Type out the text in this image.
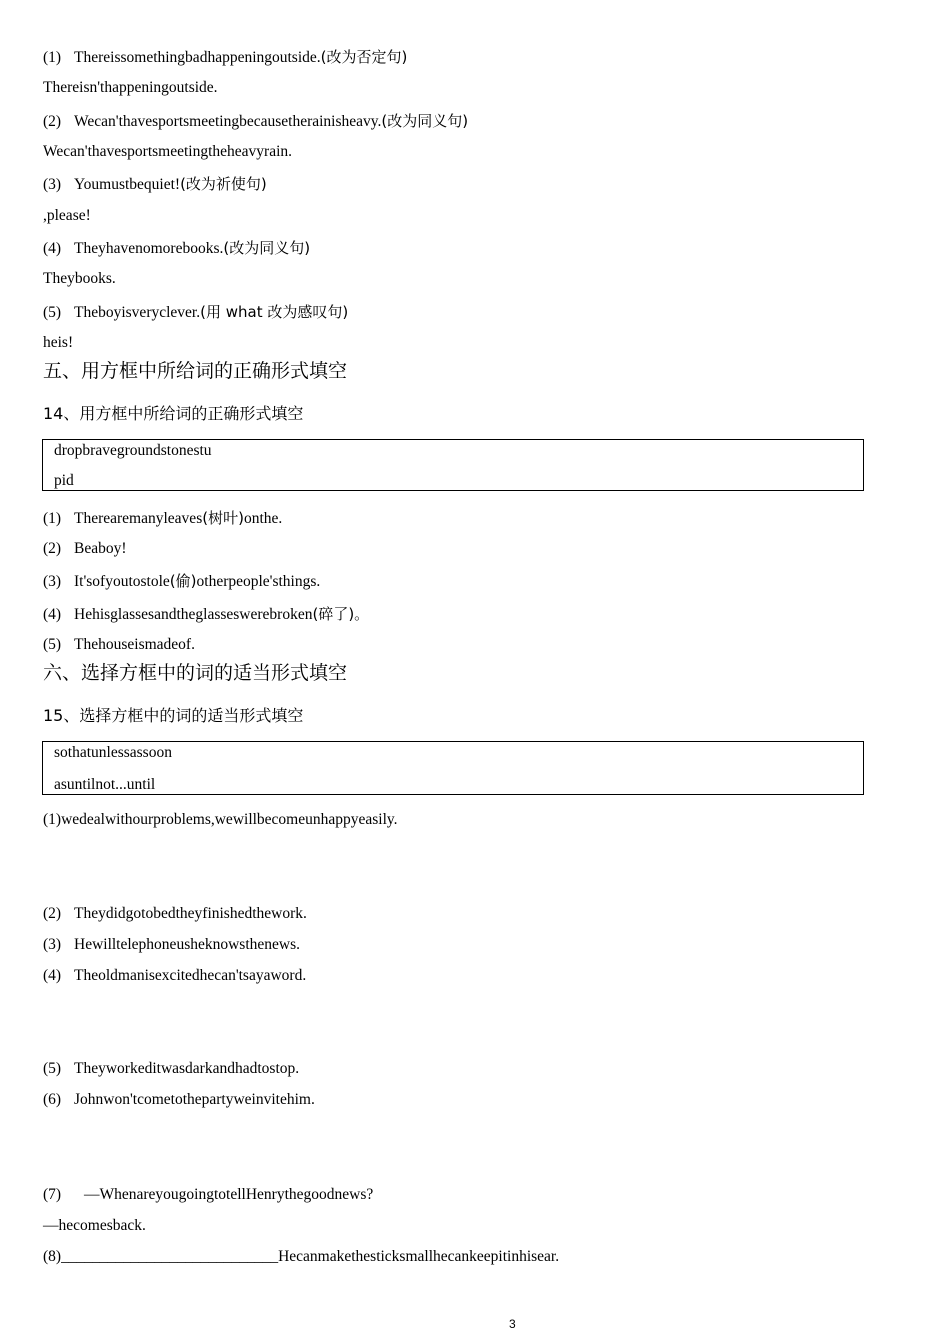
(1) Thereissomethingbadhappeningoutside.(改为否定句)
Thereisn'thappeningoutside.
(2) Wecan'thavesportsmeetingbecausetherainisheavy.(改为同义句)
Wecan'thavesportsmeetingtheheavyrain.
(3) Youmustbequiet!(改为祈使句)
,please!
(4) Theyhavenomorebooks.(改为同义句)
Theybooks.
(5) Theboyisveryclever.(用 what 改为感叹句)
heis!
五、用方框中所给词的正确形式填空
14、用方框中所给词的正确形式填空
dropbravegroundstonestu
pid
(1) Therearemanyleaves(树叶)onthe.
(2) Beaboy!
(3) It'sofyoutostole(偷)otherpeople'sthings.
(4) Hehisglassesandtheglasseswerebroken(碎了)。
(5) Thehouseismadeof.
六、选择方框中的词的适当形式填空
15、选择方框中的词的适当形式填空
sothatunlessassoon
asuntilnot...until
(1)wedealwithourproblems,wewillbecomeunhappyeasily.
(2) Theydidgotobedtheyfinishedthework.
(3) Hewilltelephoneusheknowsthenews.
(4) Theoldmanisexcitedhecan'tsayaword.
(5) Theyworkeditwasdarkandhadtostop.
(6) Johnwon'tcometothepartyweinvitehim.
(7) —WhenareyougoingtotellHenrythegoodnews?
—hecomesback.
(8)____________________________Hecanmakethesticksmallhecankeepitinhisear.
3
